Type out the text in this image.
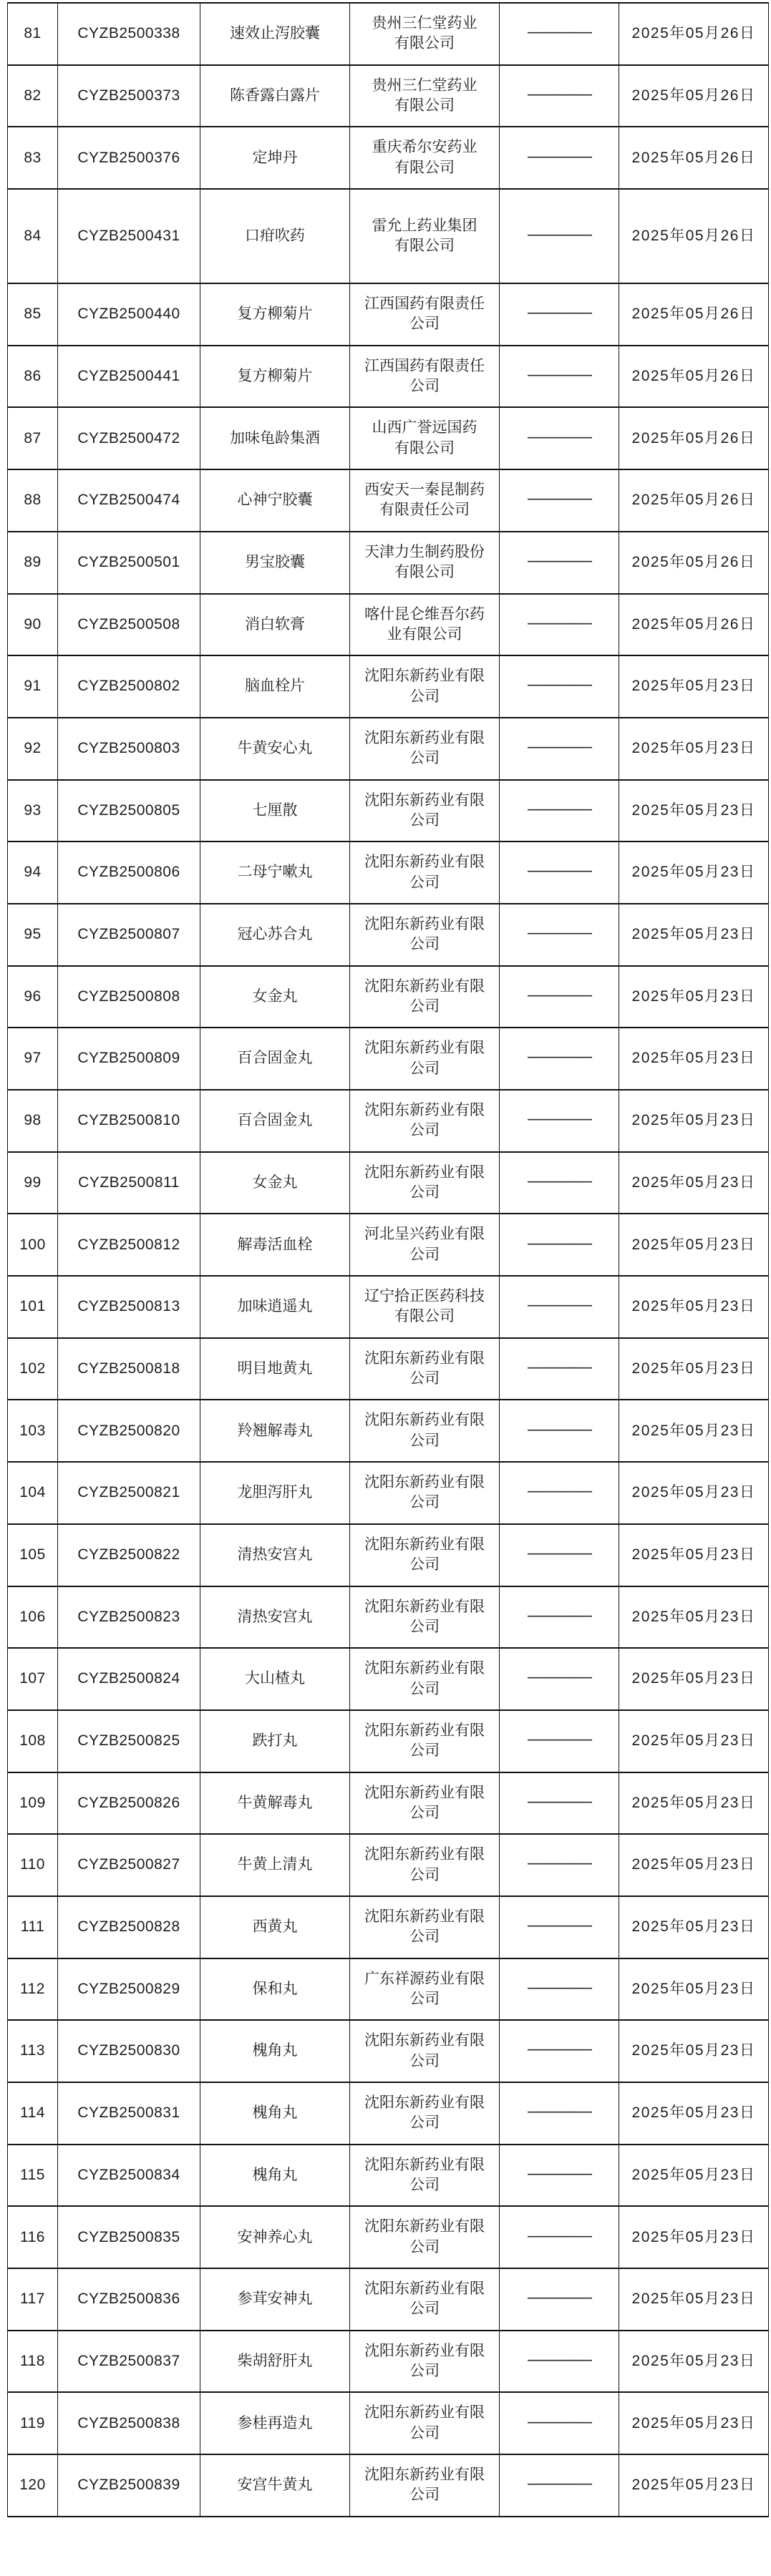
81	CYZB2500338	速效止泻胶囊	贵州三仁堂药业
有限公司	————	2025年05月26日
82	CYZB2500373	陈香露白露片	贵州三仁堂药业
有限公司	————	2025年05月26日
83	CYZB2500376	定坤丹	重庆希尔安药业
有限公司	————	2025年05月26日
84	CYZB2500431	口疳吹药	雷允上药业集团
有限公司	————	2025年05月26日
85	CYZB2500440	复方柳菊片	江西国药有限责任
公司	————	2025年05月26日
86	CYZB2500441	复方柳菊片	江西国药有限责任
公司	————	2025年05月26日
87	CYZB2500472	加味龟龄集酒	山西广誉远国药
有限公司	————	2025年05月26日
88	CYZB2500474	心神宁胶囊	西安天一秦昆制药
有限责任公司	————	2025年05月26日
89	CYZB2500501	男宝胶囊	天津力生制药股份
有限公司	————	2025年05月26日
90	CYZB2500508	消白软膏	喀什昆仑维吾尔药
业有限公司	————	2025年05月26日
91	CYZB2500802	脑血栓片	沈阳东新药业有限
公司	————	2025年05月23日
92	CYZB2500803	牛黄安心丸	沈阳东新药业有限
公司	————	2025年05月23日
93	CYZB2500805	七厘散	沈阳东新药业有限
公司	————	2025年05月23日
94	CYZB2500806	二母宁嗽丸	沈阳东新药业有限
公司	————	2025年05月23日
95	CYZB2500807	冠心苏合丸	沈阳东新药业有限
公司	————	2025年05月23日
96	CYZB2500808	女金丸	沈阳东新药业有限
公司	————	2025年05月23日
97	CYZB2500809	百合固金丸	沈阳东新药业有限
公司	————	2025年05月23日
98	CYZB2500810	百合固金丸	沈阳东新药业有限
公司	————	2025年05月23日
99	CYZB2500811	女金丸	沈阳东新药业有限
公司	————	2025年05月23日
100	CYZB2500812	解毒活血栓	河北呈兴药业有限
公司	————	2025年05月23日
101	CYZB2500813	加味逍遥丸	辽宁拾正医药科技
有限公司	————	2025年05月23日
102	CYZB2500818	明目地黄丸	沈阳东新药业有限
公司	————	2025年05月23日
103	CYZB2500820	羚翘解毒丸	沈阳东新药业有限
公司	————	2025年05月23日
104	CYZB2500821	龙胆泻肝丸	沈阳东新药业有限
公司	————	2025年05月23日
105	CYZB2500822	清热安宫丸	沈阳东新药业有限
公司	————	2025年05月23日
106	CYZB2500823	清热安宫丸	沈阳东新药业有限
公司	————	2025年05月23日
107	CYZB2500824	大山楂丸	沈阳东新药业有限
公司	————	2025年05月23日
108	CYZB2500825	跌打丸	沈阳东新药业有限
公司	————	2025年05月23日
109	CYZB2500826	牛黄解毒丸	沈阳东新药业有限
公司	————	2025年05月23日
110	CYZB2500827	牛黄上清丸	沈阳东新药业有限
公司	————	2025年05月23日
111	CYZB2500828	西黄丸	沈阳东新药业有限
公司	————	2025年05月23日
112	CYZB2500829	保和丸	广东祥源药业有限
公司	————	2025年05月23日
113	CYZB2500830	槐角丸	沈阳东新药业有限
公司	————	2025年05月23日
114	CYZB2500831	槐角丸	沈阳东新药业有限
公司	————	2025年05月23日
115	CYZB2500834	槐角丸	沈阳东新药业有限
公司	————	2025年05月23日
116	CYZB2500835	安神养心丸	沈阳东新药业有限
公司	————	2025年05月23日
117	CYZB2500836	参茸安神丸	沈阳东新药业有限
公司	————	2025年05月23日
118	CYZB2500837	柴胡舒肝丸	沈阳东新药业有限
公司	————	2025年05月23日
119	CYZB2500838	参桂再造丸	沈阳东新药业有限
公司	————	2025年05月23日
120	CYZB2500839	安宫牛黄丸	沈阳东新药业有限
公司	————	2025年05月23日
